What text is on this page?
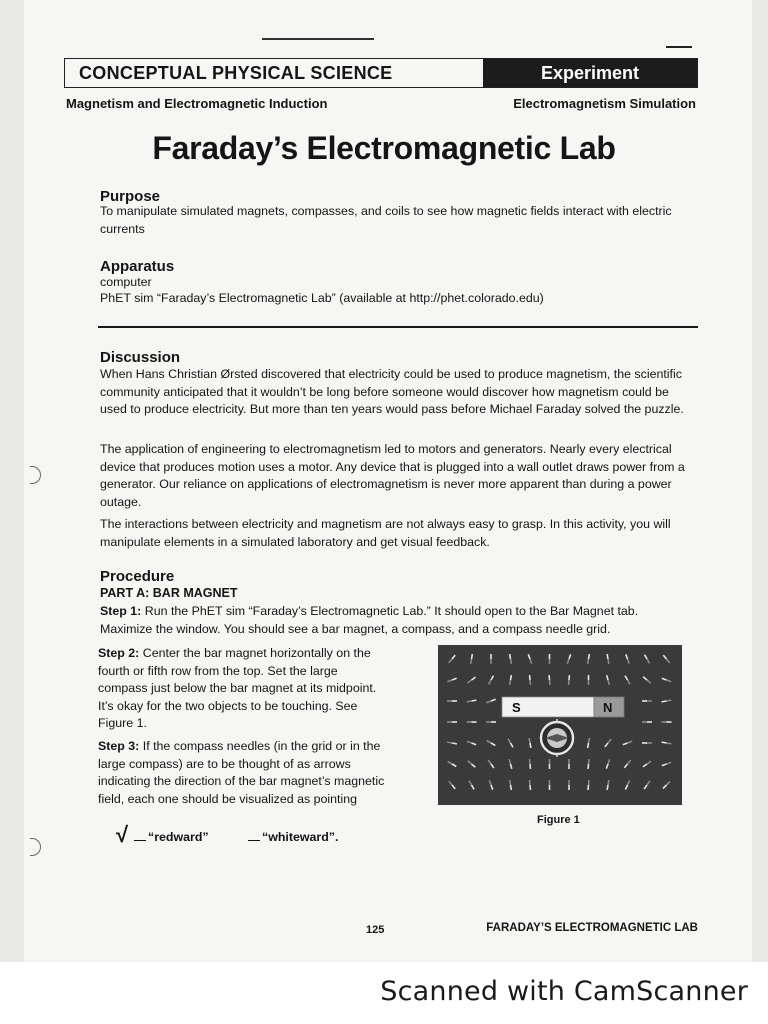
CONCEPTUAL PHYSICAL SCIENCE	Experiment
Magnetism and Electromagnetic Induction	Electromagnetism Simulation
Faraday’s Electromagnetic Lab
Purpose
To manipulate simulated magnets, compasses, and coils to see how magnetic fields interact with electric currents
Apparatus
computer
PhET sim “Faraday’s Electromagnetic Lab” (available at http://phet.colorado.edu)
Discussion
When Hans Christian Ørsted discovered that electricity could be used to produce magnetism, the scientific community anticipated that it wouldn’t be long before someone would discover how magnetism could be used to produce electricity. But more than ten years would pass before Michael Faraday solved the puzzle.
The application of engineering to electromagnetism led to motors and generators. Nearly every electrical device that produces motion uses a motor. Any device that is plugged into a wall outlet draws power from a generator. Our reliance on applications of electromagnetism is never more apparent than during a power outage.
The interactions between electricity and magnetism are not always easy to grasp. In this activity, you will manipulate elements in a simulated laboratory and get visual feedback.
Procedure
PART A: BAR MAGNET
Step 1: Run the PhET sim “Faraday’s Electromagnetic Lab.” It should open to the Bar Magnet tab. Maximize the window. You should see a bar magnet, a compass, and a compass needle grid.
Step 2: Center the bar magnet horizontally on the fourth or fifth row from the top. Set the large compass just below the bar magnet at its midpoint. It’s okay for the two objects to be touching. See Figure 1.
Step 3: If the compass needles (in the grid or in the large compass) are to be thought of as arrows indicating the direction of the bar magnet’s magnetic field, each one should be visualized as pointing
√	“redward”	“whiteward”.
S	N
Figure 1
125	FARADAY’S ELECTROMAGNETIC LAB
Scanned with CamScanner
